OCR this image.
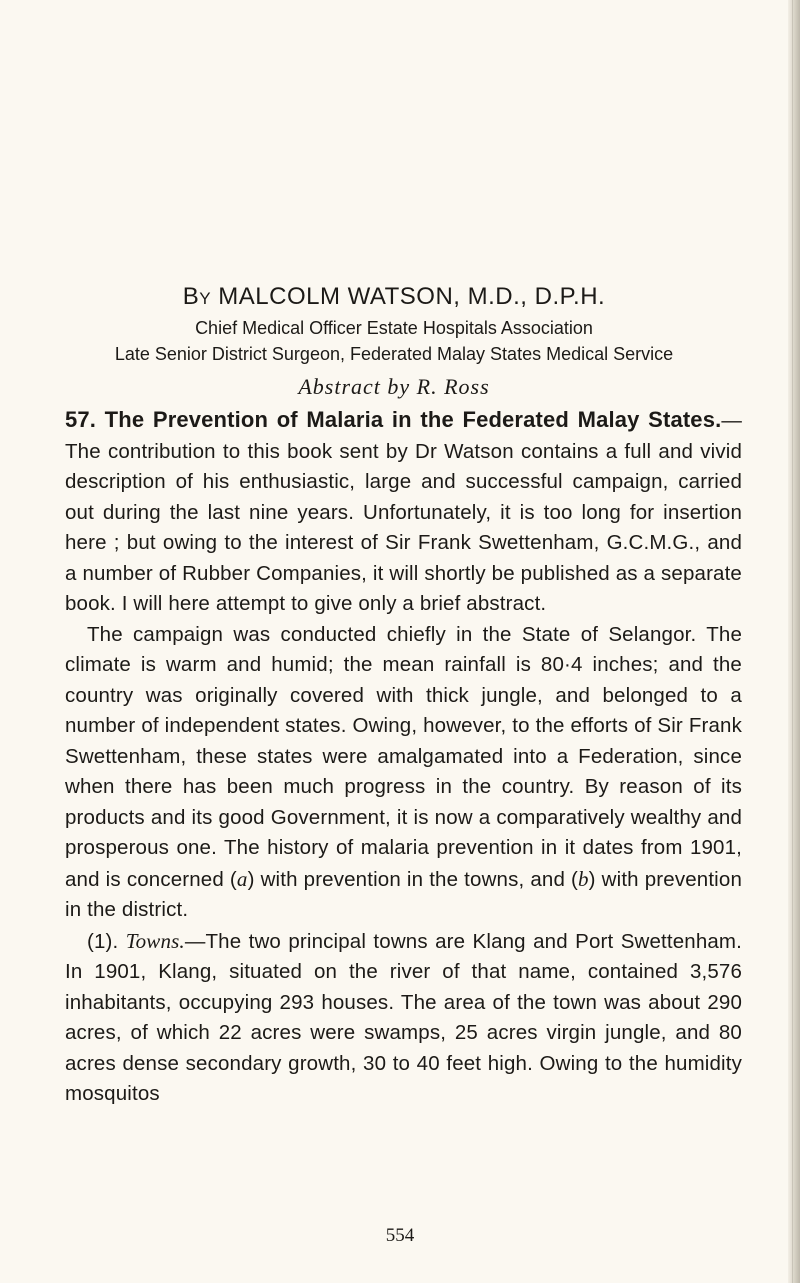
By MALCOLM WATSON, M.D., D.P.H.
Chief Medical Officer Estate Hospitals Association
Late Senior District Surgeon, Federated Malay States Medical Service
Abstract by R. Ross

57. The Prevention of Malaria in the Federated Malay States.—The contribution to this book sent by Dr Watson contains a full and vivid description of his enthusiastic, large and successful campaign, carried out during the last nine years. Unfortunately, it is too long for insertion here ; but owing to the interest of Sir Frank Swettenham, G.C.M.G., and a number of Rubber Companies, it will shortly be published as a separate book. I will here attempt to give only a brief abstract.

The campaign was conducted chiefly in the State of Selangor. The climate is warm and humid; the mean rainfall is 80·4 inches; and the country was originally covered with thick jungle, and belonged to a number of independent states. Owing, however, to the efforts of Sir Frank Swettenham, these states were amalgamated into a Federation, since when there has been much progress in the country. By reason of its products and its good Government, it is now a comparatively wealthy and prosperous one. The history of malaria prevention in it dates from 1901, and is concerned (a) with prevention in the towns, and (b) with prevention in the district.

(1). Towns.—The two principal towns are Klang and Port Swettenham. In 1901, Klang, situated on the river of that name, contained 3,576 inhabitants, occupying 293 houses. The area of the town was about 290 acres, of which 22 acres were swamps, 25 acres virgin jungle, and 80 acres dense secondary growth, 30 to 40 feet high. Owing to the humidity mosquitos

554
